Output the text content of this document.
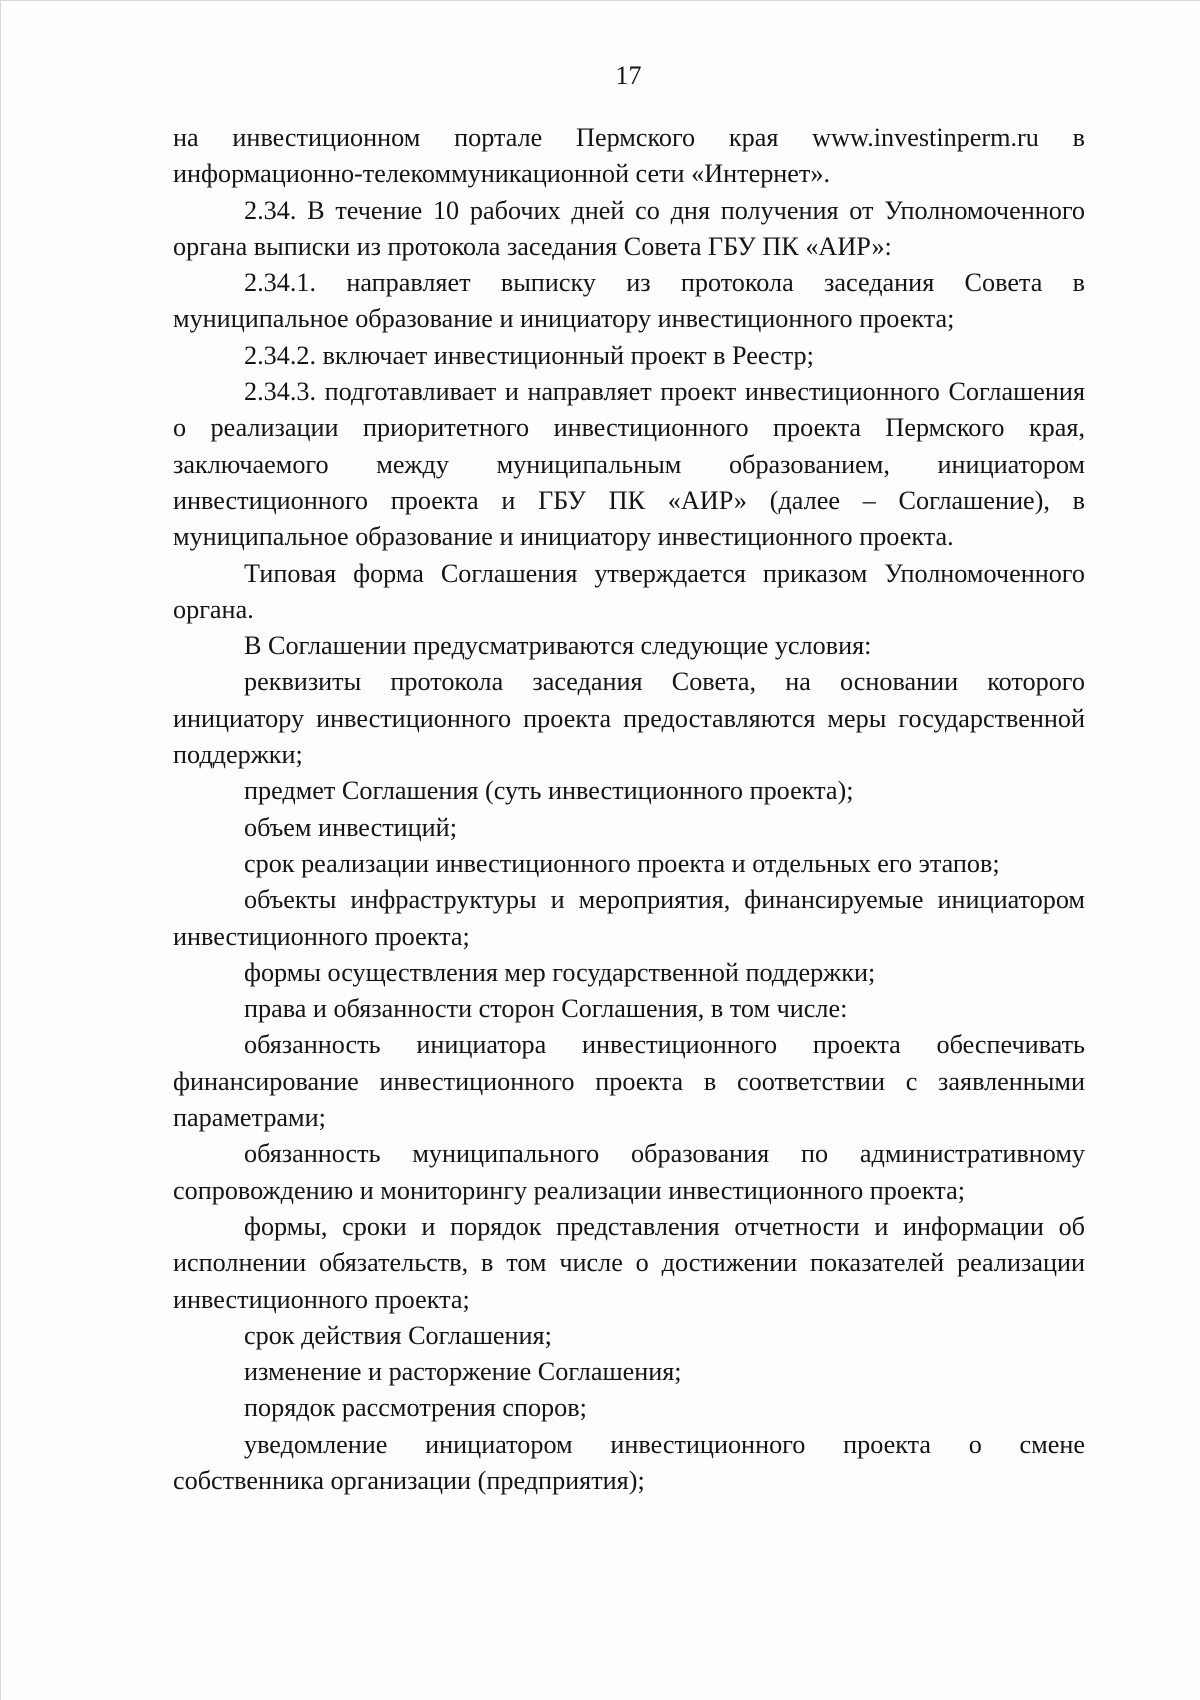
17

на инвестиционном портале Пермского края www.investinperm.ru в информационно-телекоммуникационной сети «Интернет».

2.34. В течение 10 рабочих дней со дня получения от Уполномоченного органа выписки из протокола заседания Совета ГБУ ПК «АИР»:

2.34.1. направляет выписку из протокола заседания Совета в муниципальное образование и инициатору инвестиционного проекта;

2.34.2. включает инвестиционный проект в Реестр;

2.34.3. подготавливает и направляет проект инвестиционного Соглашения о реализации приоритетного инвестиционного проекта Пермского края, заключаемого между муниципальным образованием, инициатором инвестиционного проекта и ГБУ ПК «АИР» (далее – Соглашение), в муниципальное образование и инициатору инвестиционного проекта.

Типовая форма Соглашения утверждается приказом Уполномоченного органа.

В Соглашении предусматриваются следующие условия:

реквизиты протокола заседания Совета, на основании которого инициатору инвестиционного проекта предоставляются меры государственной поддержки;

предмет Соглашения (суть инвестиционного проекта);

объем инвестиций;

срок реализации инвестиционного проекта и отдельных его этапов;

объекты инфраструктуры и мероприятия, финансируемые инициатором инвестиционного проекта;

формы осуществления мер государственной поддержки;

права и обязанности сторон Соглашения, в том числе:

обязанность инициатора инвестиционного проекта обеспечивать финансирование инвестиционного проекта в соответствии с заявленными параметрами;

обязанность муниципального образования по административному сопровождению и мониторингу реализации инвестиционного проекта;

формы, сроки и порядок представления отчетности и информации об исполнении обязательств, в том числе о достижении показателей реализации инвестиционного проекта;

срок действия Соглашения;

изменение и расторжение Соглашения;

порядок рассмотрения споров;

уведомление инициатором инвестиционного проекта о смене собственника организации (предприятия);
